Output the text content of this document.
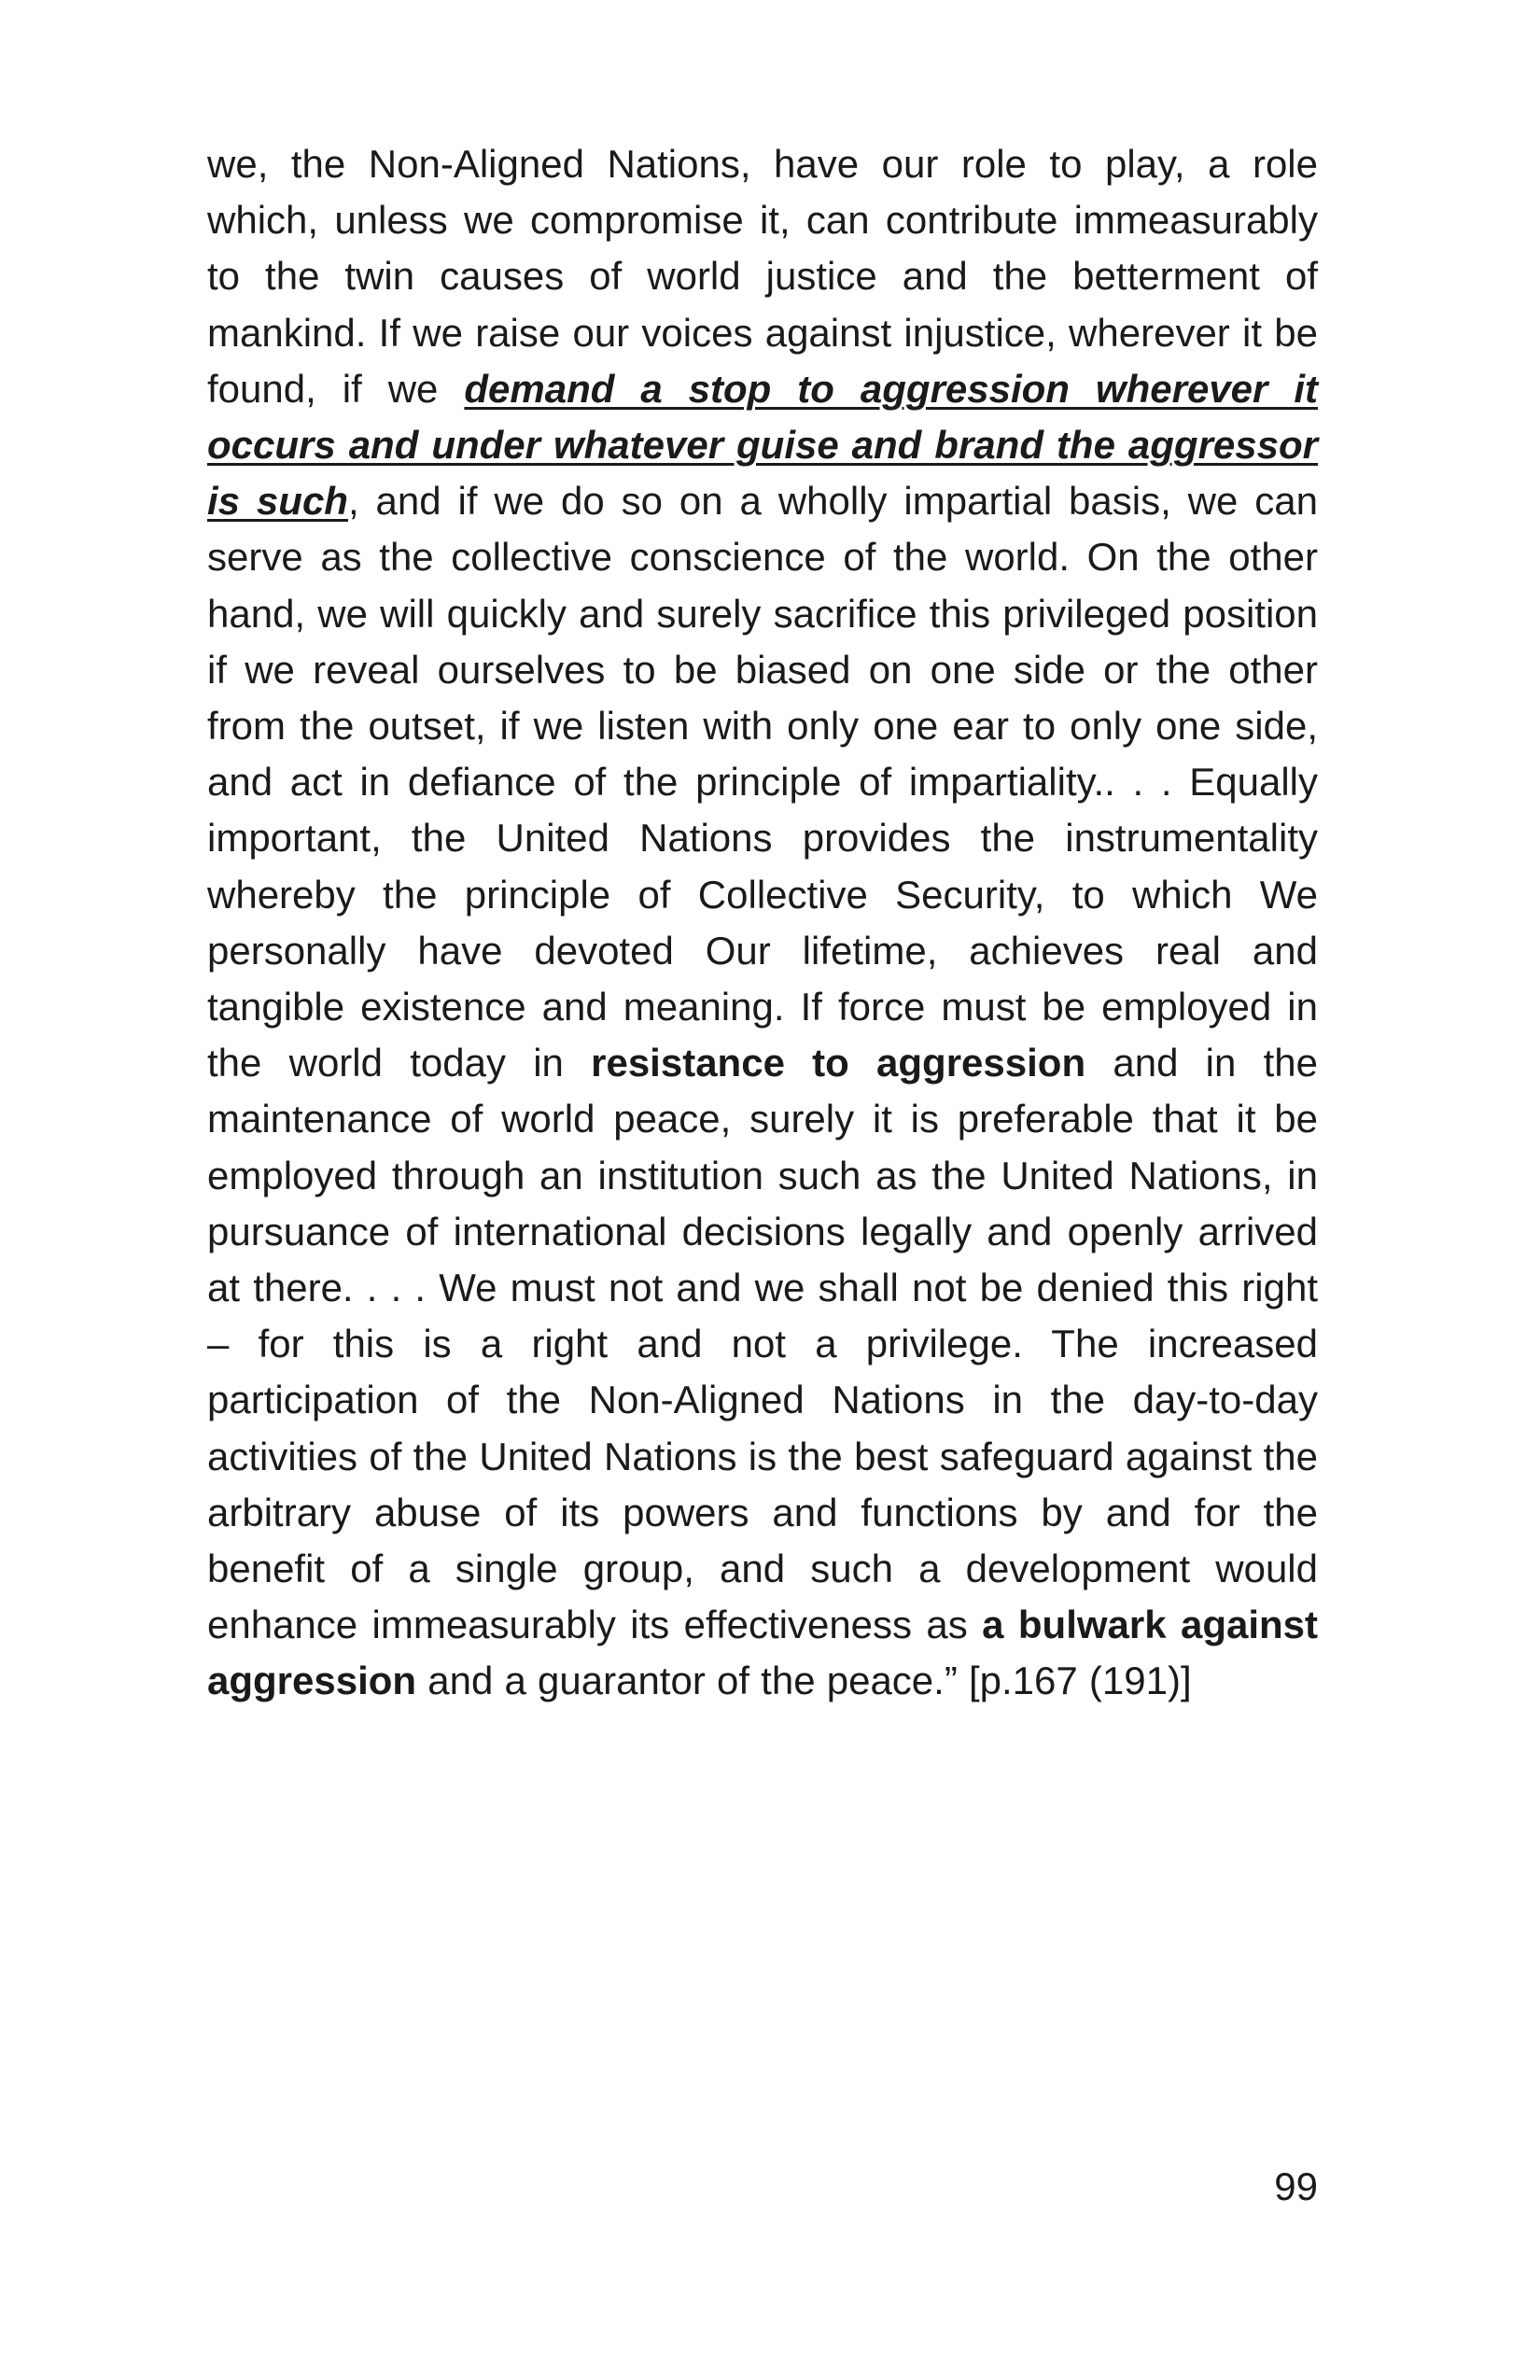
we, the Non-Aligned Nations, have our role to play, a role which, unless we compromise it, can contribute immeasurably to the twin causes of world justice and the betterment of mankind. If we raise our voices against injustice, wherever it be found, if we demand a stop to aggression wherever it occurs and under whatever guise and brand the aggressor is such, and if we do so on a wholly impartial basis, we can serve as the collective conscience of the world. On the other hand, we will quickly and surely sacrifice this privileged position if we reveal ourselves to be biased on one side or the other from the outset, if we listen with only one ear to only one side, and act in defiance of the principle of impartiality.. . . Equally important, the United Nations provides the instrumentality whereby the principle of Collective Security, to which We personally have devoted Our lifetime, achieves real and tangible existence and meaning. If force must be employed in the world today in resistance to aggression and in the maintenance of world peace, surely it is preferable that it be employed through an institution such as the United Nations, in pursuance of international decisions legally and openly arrived at there. . . . We must not and we shall not be denied this right – for this is a right and not a privilege. The increased participation of the Non-Aligned Nations in the day-to-day activities of the United Nations is the best safeguard against the arbitrary abuse of its powers and functions by and for the benefit of a single group, and such a development would enhance immeasurably its effectiveness as a bulwark against aggression and a guarantor of the peace.” [p.167 (191)]

99
